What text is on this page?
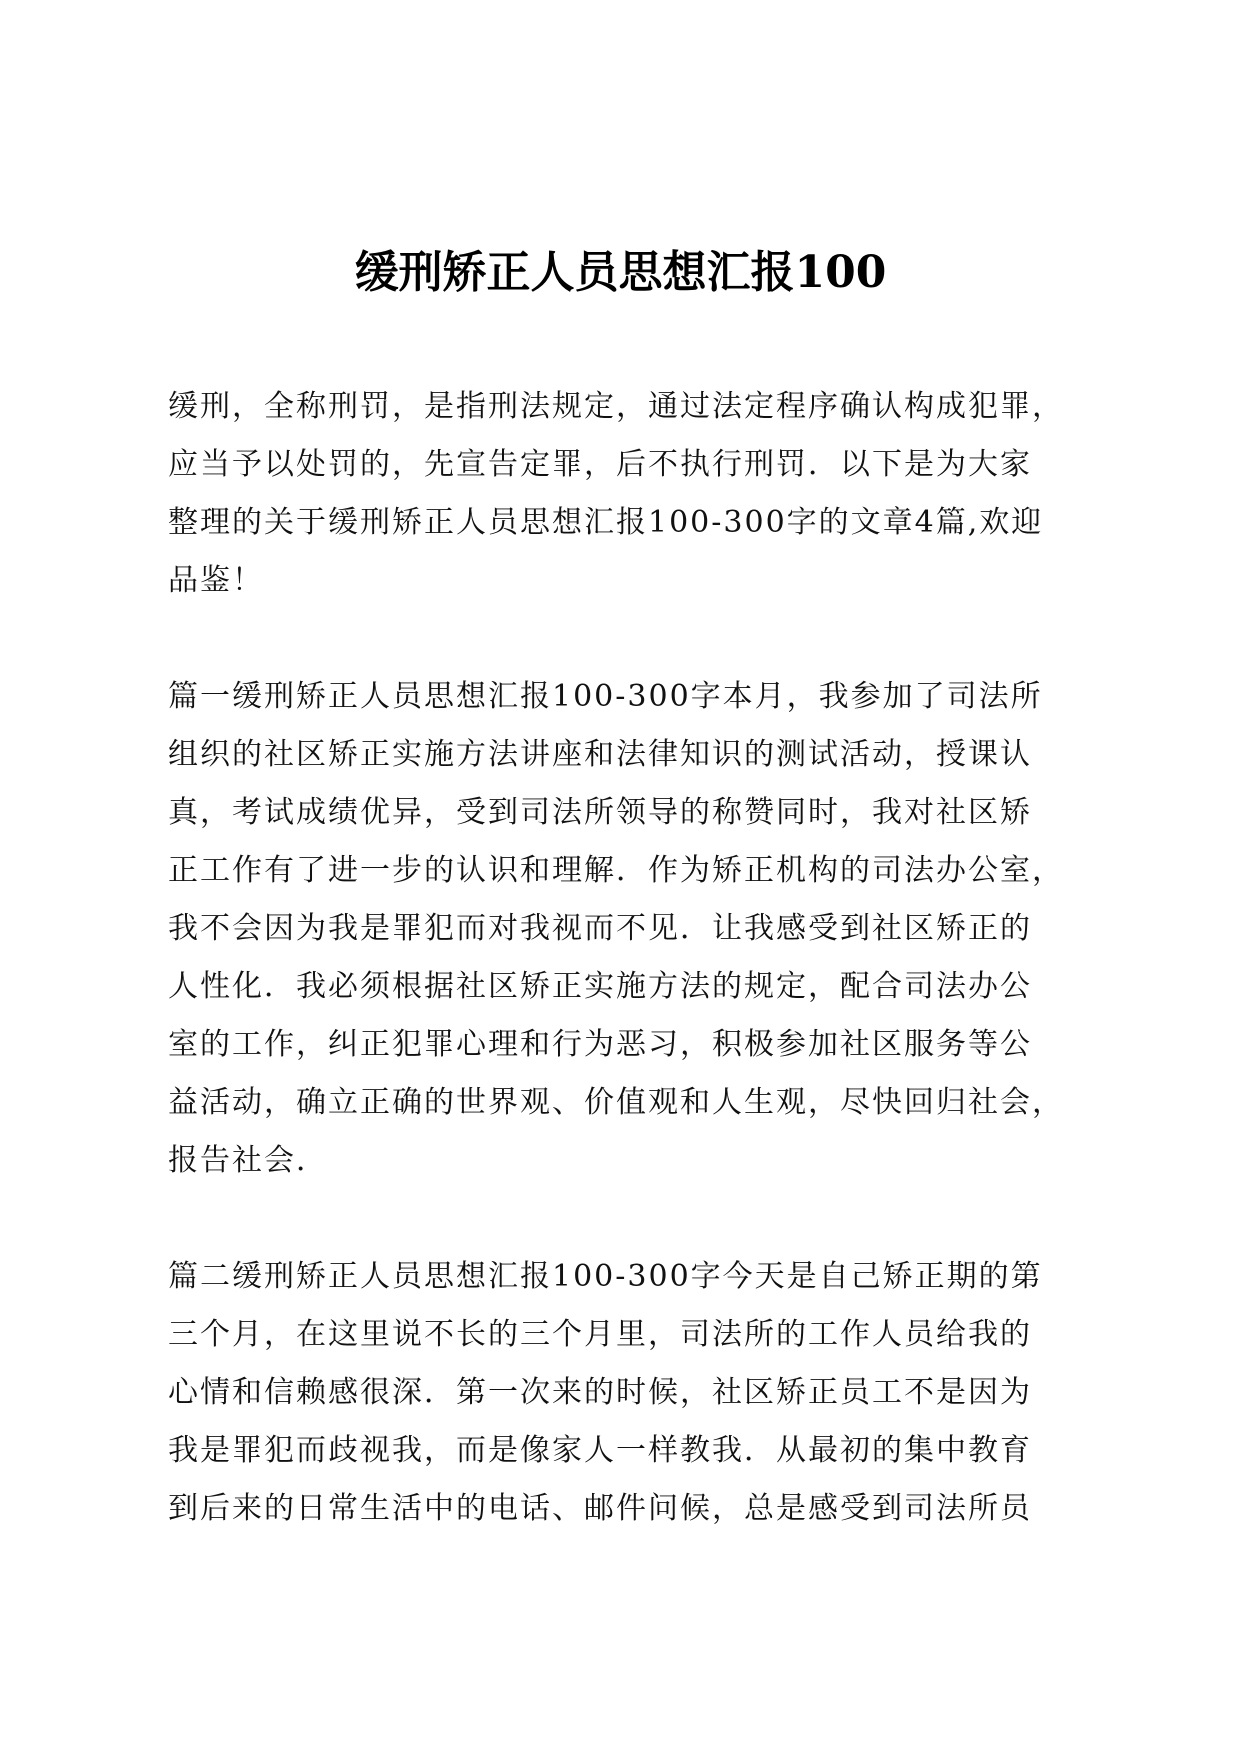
缓刑矫正人员思想汇报100
缓刑，全称刑罚，是指刑法规定，通过法定程序确认构成犯罪，
应当予以处罚的，先宣告定罪，后不执行刑罚．以下是为大家
整理的关于缓刑矫正人员思想汇报100-300字的文章4篇,欢迎
品鉴！
篇一缓刑矫正人员思想汇报100-300字本月，我参加了司法所
组织的社区矫正实施方法讲座和法律知识的测试活动，授课认
真，考试成绩优异，受到司法所领导的称赞同时，我对社区矫
正工作有了进一步的认识和理解．作为矫正机构的司法办公室，
我不会因为我是罪犯而对我视而不见．让我感受到社区矫正的
人性化．我必须根据社区矫正实施方法的规定，配合司法办公
室的工作，纠正犯罪心理和行为恶习，积极参加社区服务等公
益活动，确立正确的世界观、价值观和人生观，尽快回归社会，
报告社会．
篇二缓刑矫正人员思想汇报100-300字今天是自己矫正期的第
三个月，在这里说不长的三个月里，司法所的工作人员给我的
心情和信赖感很深．第一次来的时候，社区矫正员工不是因为
我是罪犯而歧视我，而是像家人一样教我．从最初的集中教育
到后来的日常生活中的电话、邮件问候，总是感受到司法所员
